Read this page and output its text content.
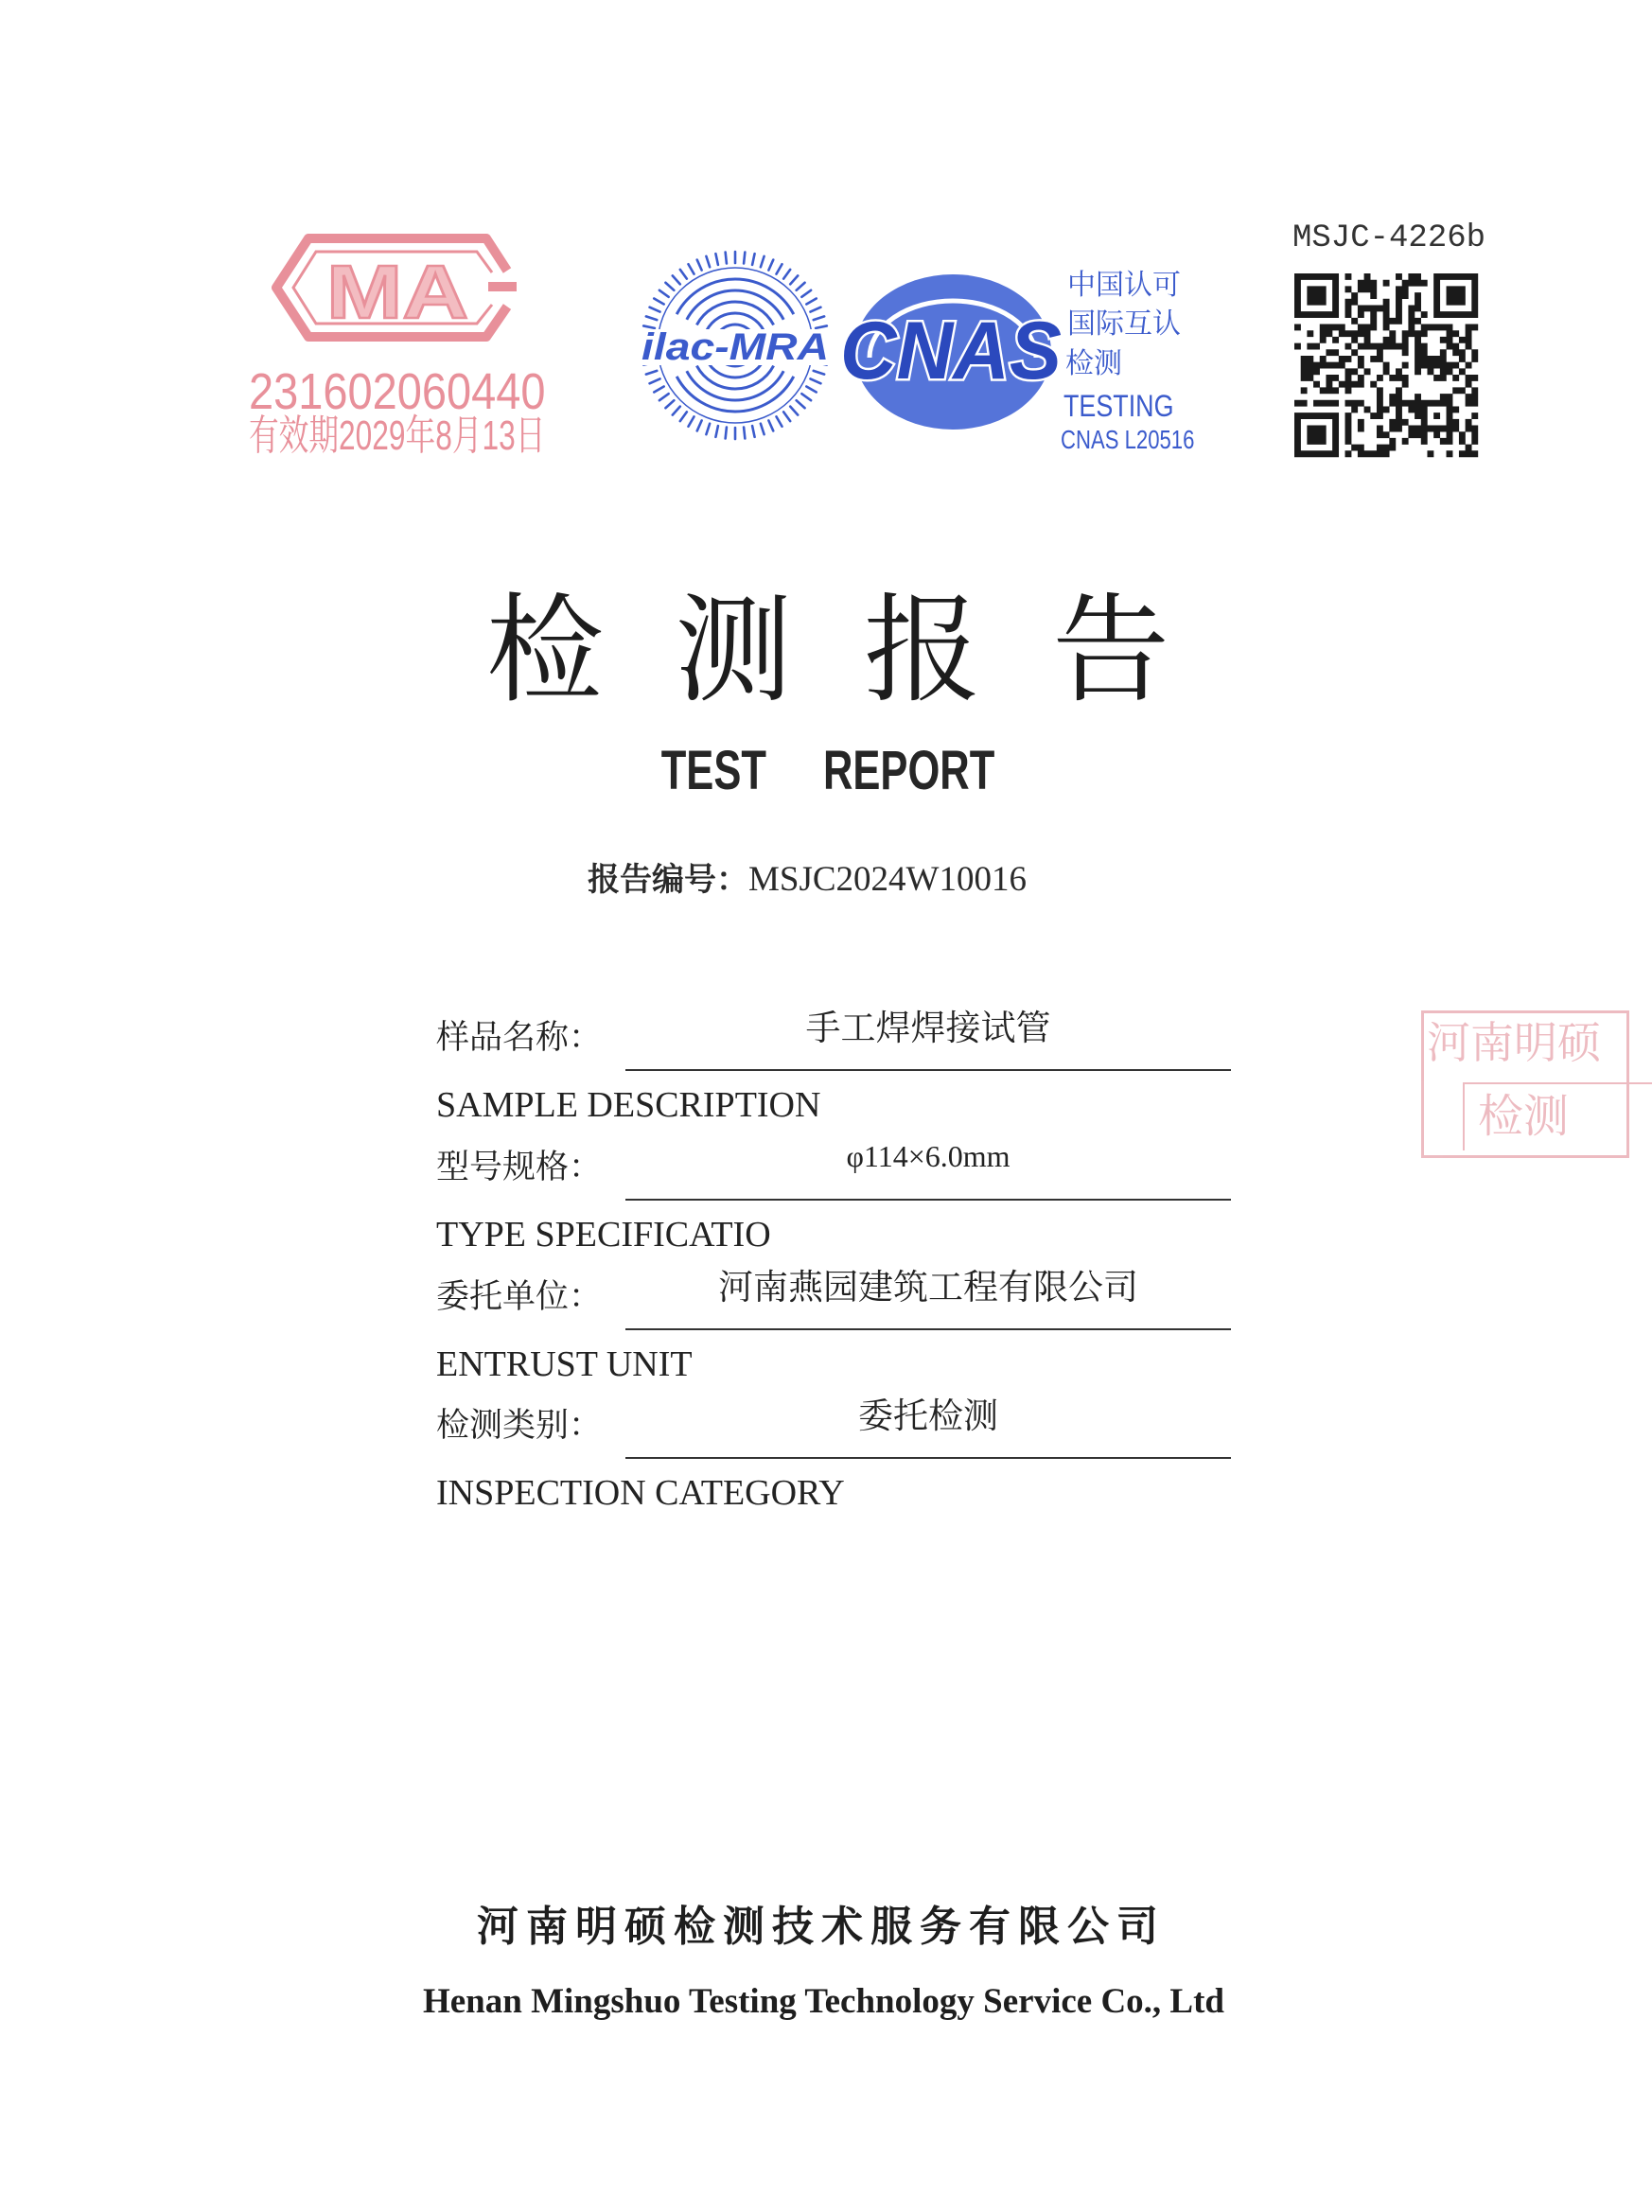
MA
231602060440
有效期2029年8月13日
ilac-MRA CNAS
中国认可
国际互认
检测
TESTING
CNAS L20516
MSJC-4226b
检 测 报 告
TEST REPORT
报告编号：MSJC2024W10016
样品名称：	手工焊焊接试管
SAMPLE DESCRIPTION
型号规格：	φ114×6.0mm
TYPE SPECIFICATIO
委托单位：	河南燕园建筑工程有限公司
ENTRUST UNIT
检测类别：	委托检测
INSPECTION CATEGORY
河南明硕
检测
河南明硕检测技术服务有限公司
Henan Mingshuo Testing Technology Service Co., Ltd
